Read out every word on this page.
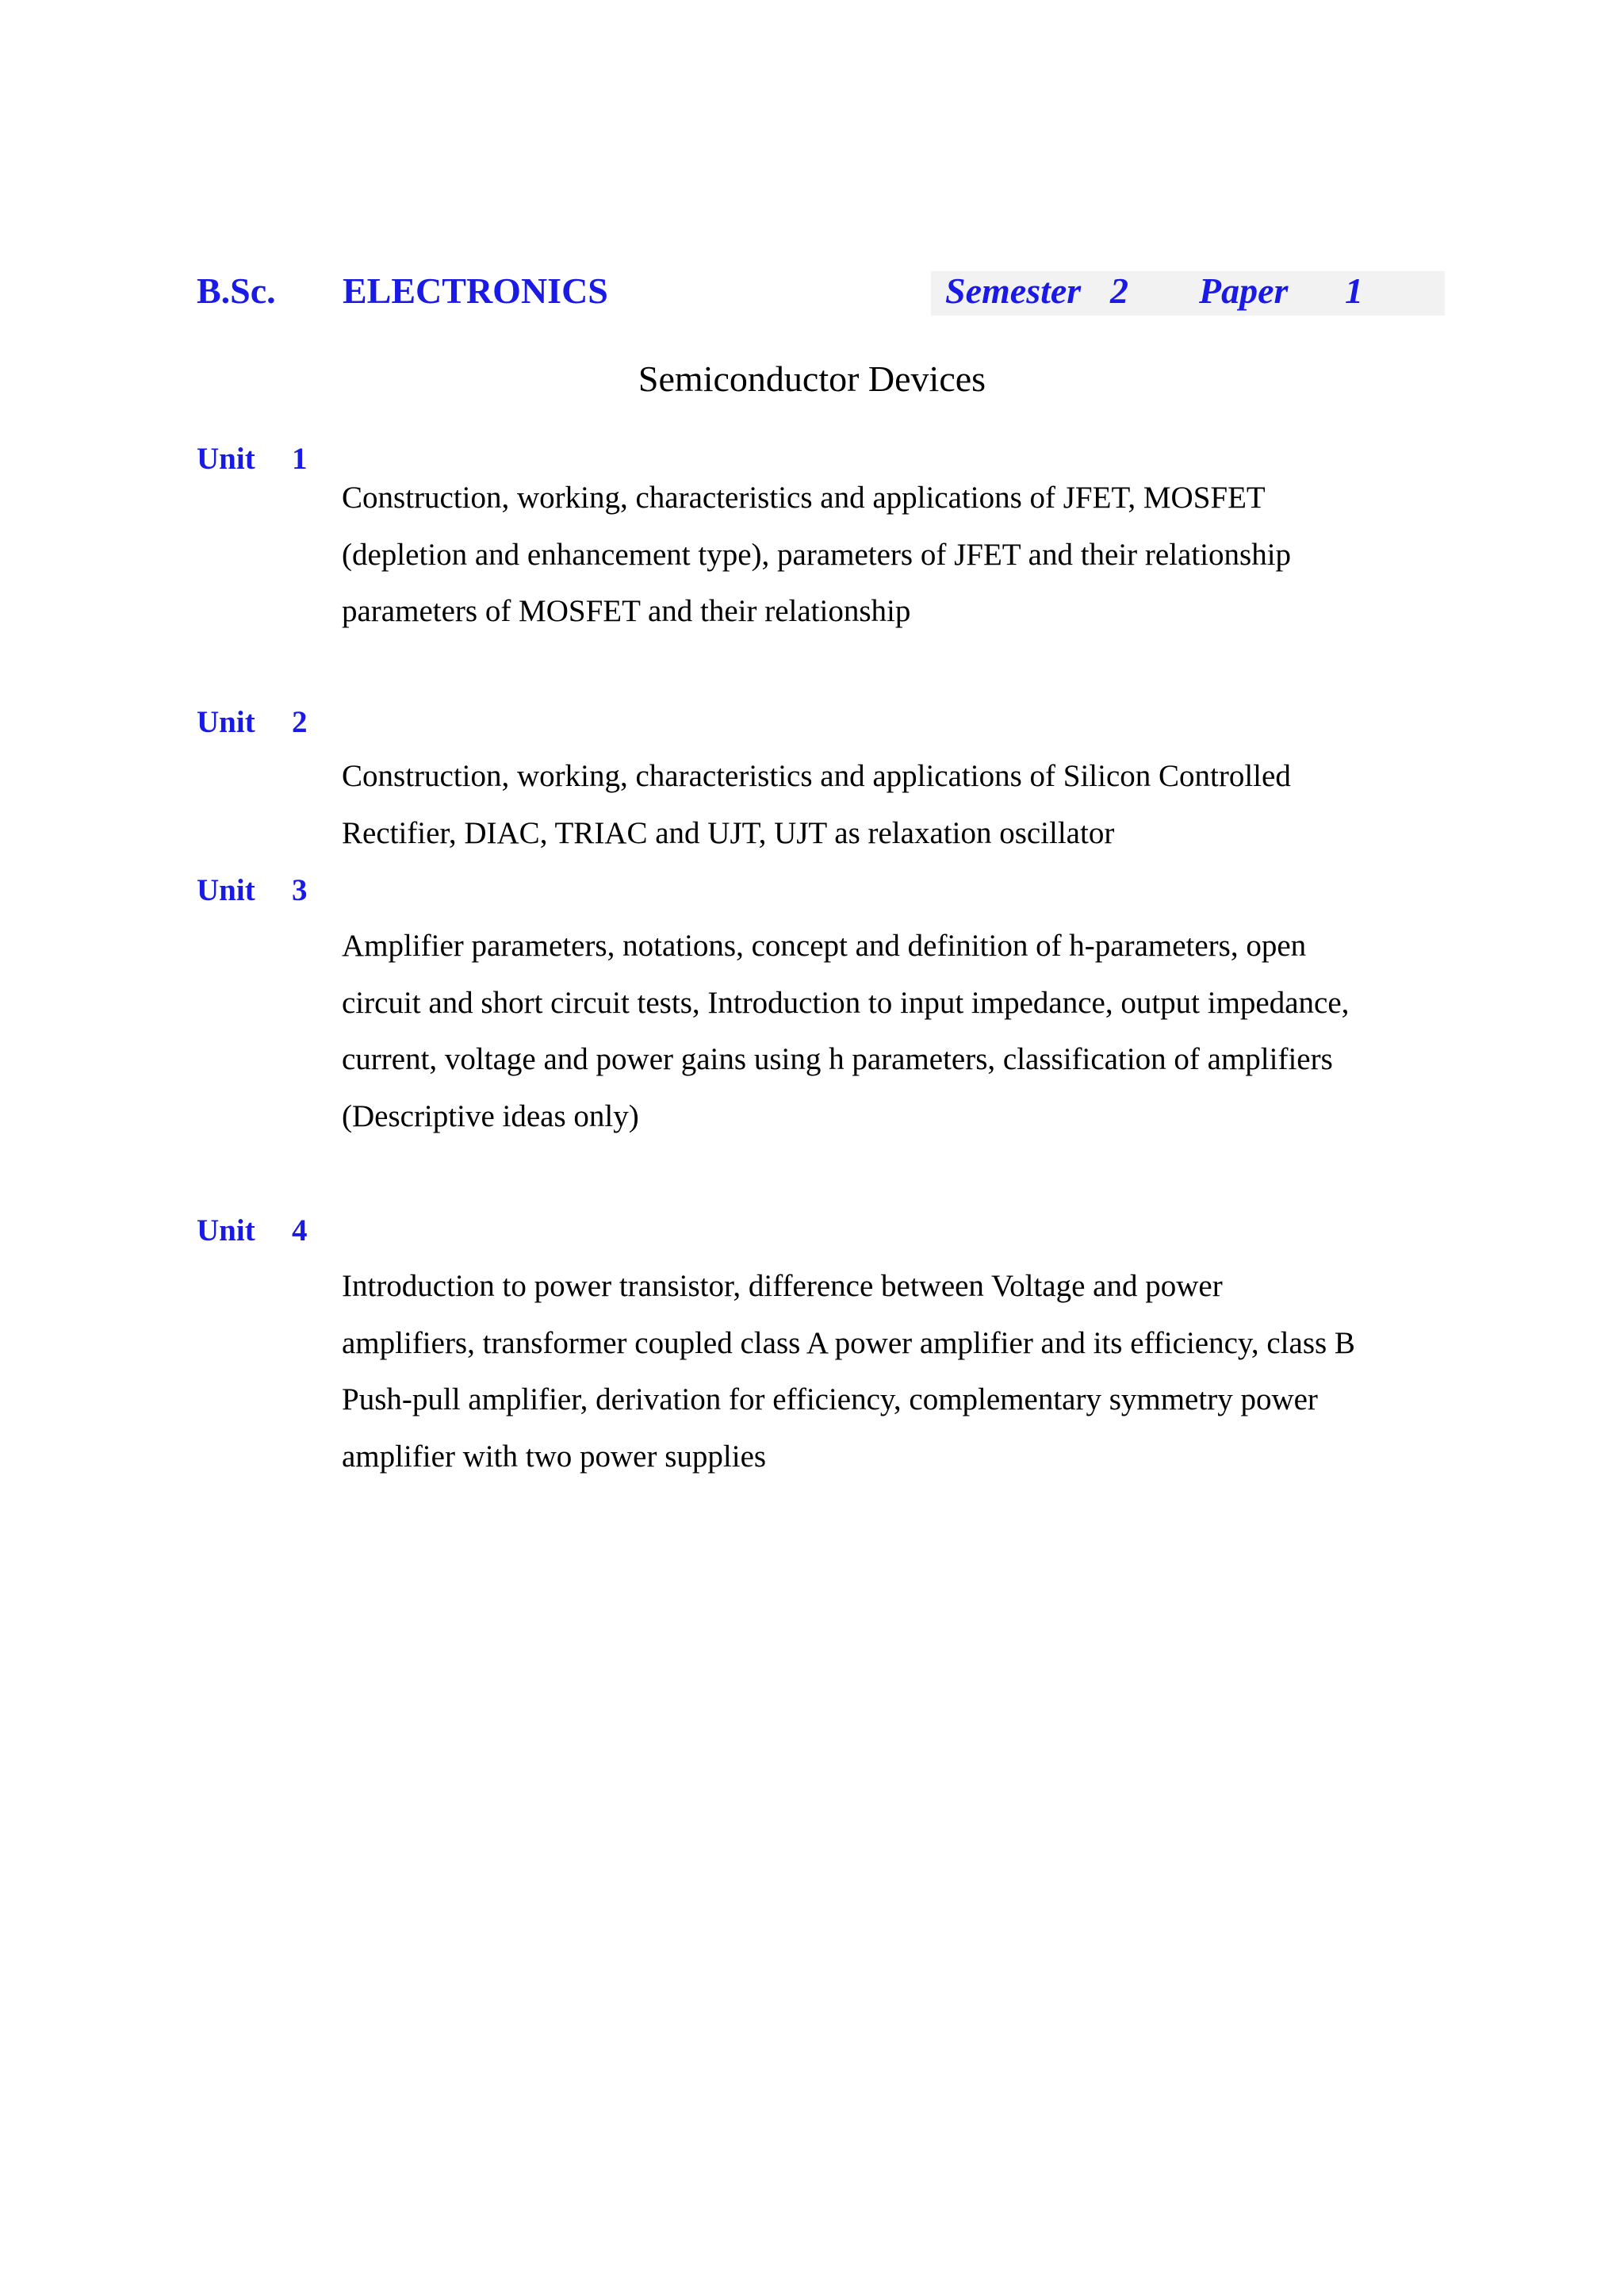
B.Sc. ELECTRONICS	Semester 2 Paper 1
Semiconductor Devices
Unit 1
Construction, working, characteristics and applications of JFET, MOSFET
(depletion and enhancement type), parameters of JFET and their relationship
parameters of MOSFET and their relationship
Unit 2
Construction, working, characteristics and applications of Silicon Controlled
Rectifier, DIAC, TRIAC and UJT, UJT as relaxation oscillator
Unit 3
Amplifier parameters, notations, concept and definition of h-parameters, open
circuit and short circuit tests, Introduction to input impedance, output impedance,
current, voltage and power gains using h parameters, classification of amplifiers
(Descriptive ideas only)
Unit 4
Introduction to power transistor, difference between Voltage and power
amplifiers, transformer coupled class A power amplifier and its efficiency, class B
Push-pull amplifier, derivation for efficiency, complementary symmetry power
amplifier with two power supplies
